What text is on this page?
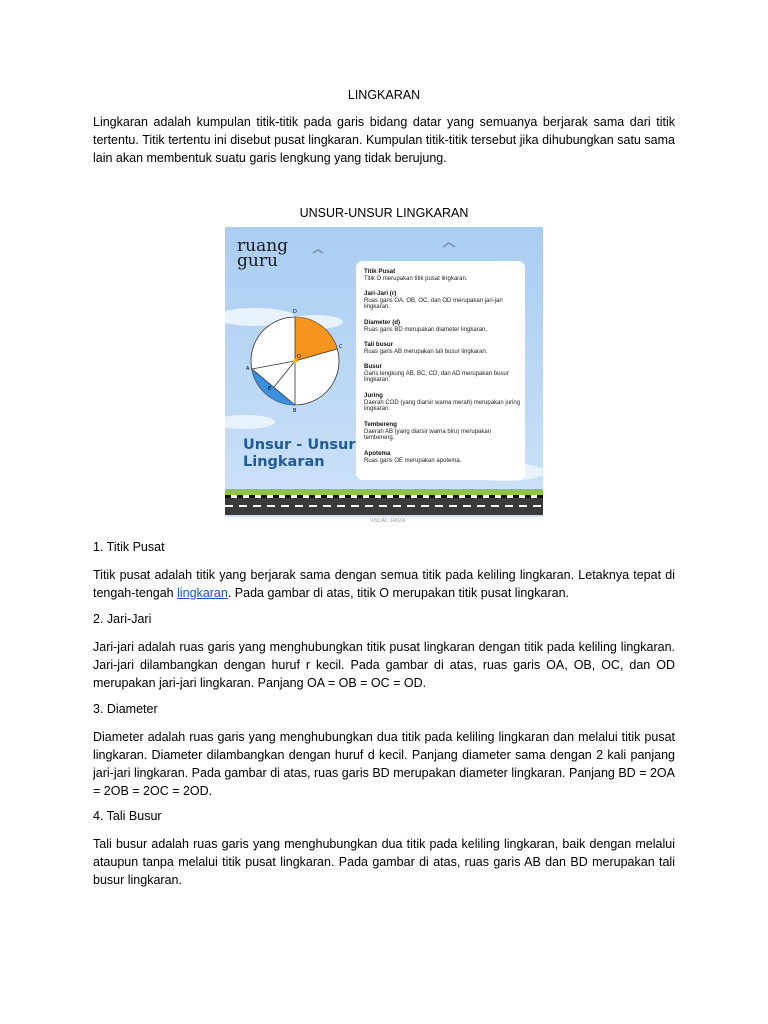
LINGKARAN

Lingkaran adalah kumpulan titik-titik pada garis bidang datar yang semuanya berjarak sama dari titik tertentu. Titik tertentu ini disebut pusat lingkaran. Kumpulan titik-titik tersebut jika dihubungkan satu sama lain akan membentuk suatu garis lengkung yang tidak berujung.

UNSUR-UNSUR LINGKARAN
D
C
O
A
E
B
ruang
guru
Unsur - Unsur
Lingkaran
Titik Pusat
Titik O merupakan titik pusat lingkaran.
Jari-Jari (r)
Ruas garis OA, OB, OC, dan OD merupakan jari-jari lingkaran.
Diameter (d)
Ruas garis BD merupakan diameter lingkaran.
Tali busur
Ruas garis AB merupakan tali busur lingkaran.
Busur
Garis lengkung AB, BC, CD, dan AD merupakan busur lingkaran.
Juring
Daerah COD (yang diarsir warna merah) merupakan juring lingkaran.
Tembereng
Daerah AB (yang diarsir warna biru) merupakan tembereng.
Apotema
Ruas garis OE merupakan apotema.
VISUAL: RAIZA
1. Titik Pusat

Titik pusat adalah titik yang berjarak sama dengan semua titik pada keliling lingkaran. Letaknya tepat di tengah-tengah lingkaran. Pada gambar di atas, titik O merupakan titik pusat lingkaran.

2. Jari-Jari

Jari-jari adalah ruas garis yang menghubungkan titik pusat lingkaran dengan titik pada keliling lingkaran. Jari-jari dilambangkan dengan huruf r kecil. Pada gambar di atas, ruas garis OA, OB, OC, dan OD merupakan jari-jari lingkaran. Panjang OA = OB = OC = OD.

3. Diameter

Diameter adalah ruas garis yang menghubungkan dua titik pada keliling lingkaran dan melalui titik pusat lingkaran. Diameter dilambangkan dengan huruf d kecil. Panjang diameter sama dengan 2 kali panjang jari-jari lingkaran. Pada gambar di atas, ruas garis BD merupakan diameter lingkaran. Panjang BD = 2OA = 2OB = 2OC = 2OD.

4. Tali Busur

Tali busur adalah ruas garis yang menghubungkan dua titik pada keliling lingkaran, baik dengan melalui ataupun tanpa melalui titik pusat lingkaran. Pada gambar di atas, ruas garis AB dan BD merupakan tali busur lingkaran.
